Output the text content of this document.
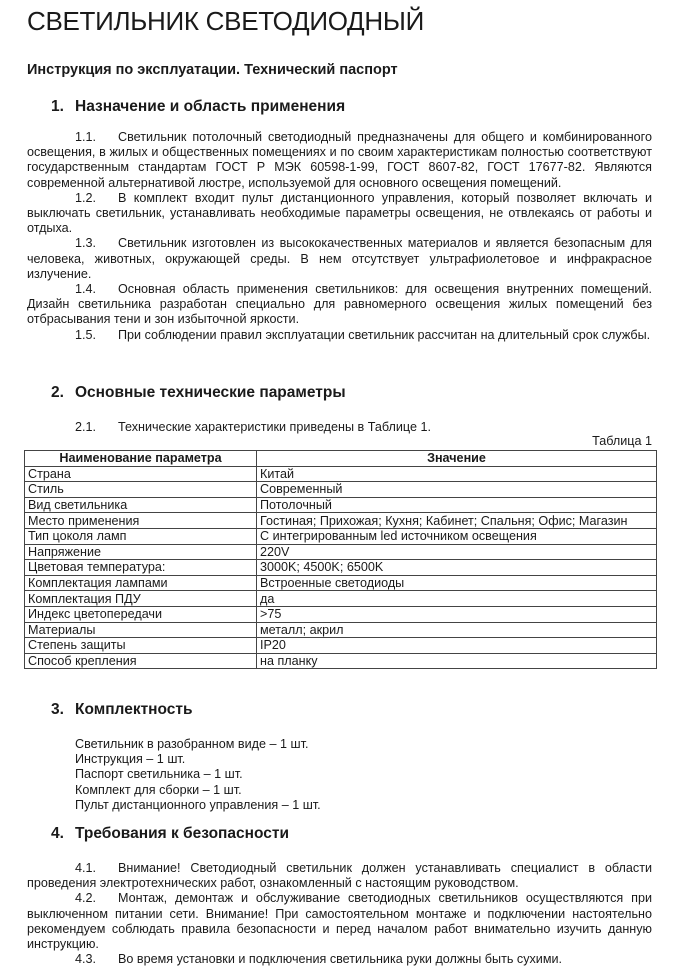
СВЕТИЛЬНИК СВЕТОДИОДНЫЙ
Инструкция по эксплуатации. Технический паспорт
1. Назначение и область применения

1.1. Светильник потолочный светодиодный предназначены для общего и комбинированного освещения, в жилых и общественных помещениях и по своим характеристикам полностью соответствуют государственным стандартам ГОСТ Р МЭК 60598-1-99, ГОСТ 8607-82, ГОСТ 17677-82. Являются современной альтернативой люстре, используемой для основного освещения помещений.

1.2. В комплект входит пульт дистанционного управления, который позволяет включать и выключать светильник, устанавливать необходимые параметры освещения, не отвлекаясь от работы и отдыха.

1.3. Светильник изготовлен из высококачественных материалов и является безопасным для человека, животных, окружающей среды. В нем отсутствует ультрафиолетовое и инфракрасное излучение.

1.4. Основная область применения светильников: для освещения внутренних помещений. Дизайн светильника разработан специально для равномерного освещения жилых помещений без отбрасывания тени и зон избыточной яркости.

1.5. При соблюдении правил эксплуатации светильник рассчитан на длительный срок службы.

2. Основные технические параметры

2.1. Технические характеристики приведены в Таблице 1.

Таблица 1
Наименование параметра	Значение
Страна	Китай
Стиль	Современный
Вид светильника	Потолочный
Место применения	Гостиная; Прихожая; Кухня; Кабинет; Спальня; Офис; Магазин
Тип цоколя ламп	С интегрированным led источником освещения
Напряжение	220V
Цветовая температура:	3000K; 4500K; 6500K
Комплектация лампами	Встроенные светодиоды
Комплектация ПДУ	да
Индекс цветопередачи	>75
Материалы	металл; акрил
Степень защиты	IP20
Способ крепления	на планку
3. Комплектность

Светильник в разобранном виде – 1 шт.

Инструкция – 1 шт.

Паспорт светильника – 1 шт.

Комплект для сборки – 1 шт.

Пульт дистанционного управления – 1 шт.

4. Требования к безопасности

4.1. Внимание! Светодиодный светильник должен устанавливать специалист в области проведения электротехнических работ, ознакомленный с настоящим руководством.

4.2. Монтаж, демонтаж и обслуживание светодиодных светильников осуществляются при выключенном питании сети. Внимание! При самостоятельном монтаже и подключении настоятельно рекомендуем соблюдать правила безопасности и перед началом работ внимательно изучить данную инструкцию.

4.3. Во время установки и подключения светильника руки должны быть сухими.
